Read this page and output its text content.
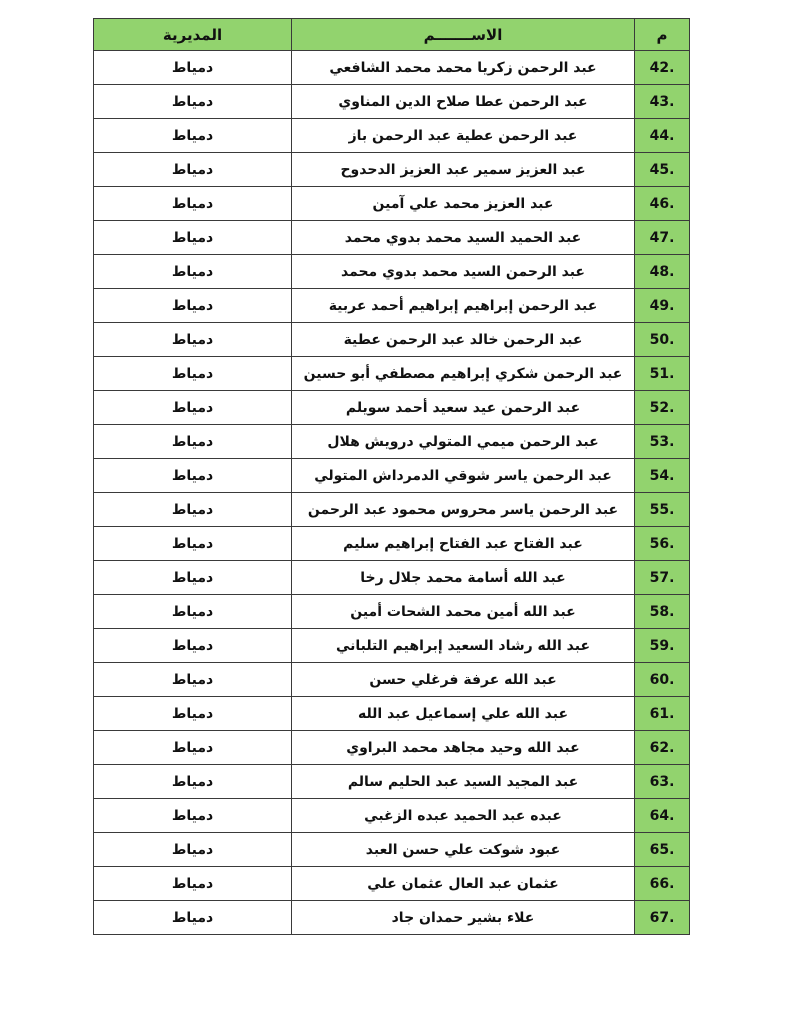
المديرية	الاســـــــم	م
دمياط	عبد الرحمن زكريا محمد محمد الشافعي	42.
دمياط	عبد الرحمن عطا صلاح الدين المناوي	43.
دمياط	عبد الرحمن عطية عبد الرحمن باز	44.
دمياط	عبد العزيز سمير عبد العزيز الدحدوح	45.
دمياط	عبد العزيز محمد علي آمين	46.
دمياط	عبد الحميد السيد محمد بدوي محمد	47.
دمياط	عبد الرحمن السيد محمد بدوي محمد	48.
دمياط	عبد الرحمن إبراهيم إبراهيم أحمد عربية	49.
دمياط	عبد الرحمن خالد عبد الرحمن عطية	50.
دمياط	عبد الرحمن شكري إبراهيم مصطفي أبو حسين	51.
دمياط	عبد الرحمن عيد سعيد أحمد سويلم	52.
دمياط	عبد الرحمن ميمي المتولي درويش هلال	53.
دمياط	عبد الرحمن ياسر شوقي الدمرداش المتولي	54.
دمياط	عبد الرحمن ياسر محروس محمود عبد الرحمن	55.
دمياط	عبد الفتاح عبد الفتاح إبراهيم سليم	56.
دمياط	عبد الله أسامة محمد جلال رخا	57.
دمياط	عبد الله أمين محمد الشحات أمين	58.
دمياط	عبد الله رشاد السعيد إبراهيم التلباني	59.
دمياط	عبد الله عرفة فرغلي حسن	60.
دمياط	عبد الله علي إسماعيل عبد الله	61.
دمياط	عبد الله وحيد مجاهد محمد البراوي	62.
دمياط	عبد المجيد السيد عبد الحليم سالم	63.
دمياط	عبده عبد الحميد عبده الزغبي	64.
دمياط	عبود شوكت علي حسن العبد	65.
دمياط	عثمان عبد العال عثمان علي	66.
دمياط	علاء بشير حمدان جاد	67.
